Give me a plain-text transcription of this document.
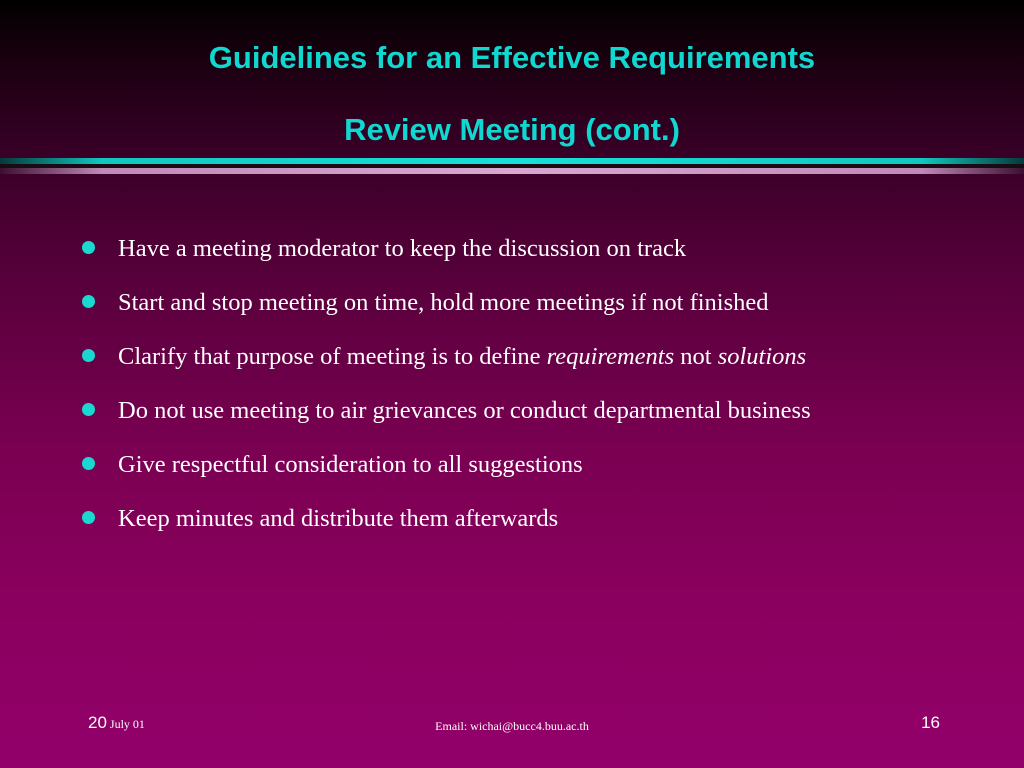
Guidelines for an Effective Requirements
Review Meeting (cont.)
Have a meeting moderator to keep the discussion on track
Start and stop meeting on time, hold more meetings if not finished
Clarify that purpose of meeting is to define requirements not solutions
Do not use meeting to air grievances or conduct departmental business
Give respectful consideration to all suggestions
Keep minutes and distribute them afterwards
20 July 01	Email: wichai@bucc4.buu.ac.th	16
